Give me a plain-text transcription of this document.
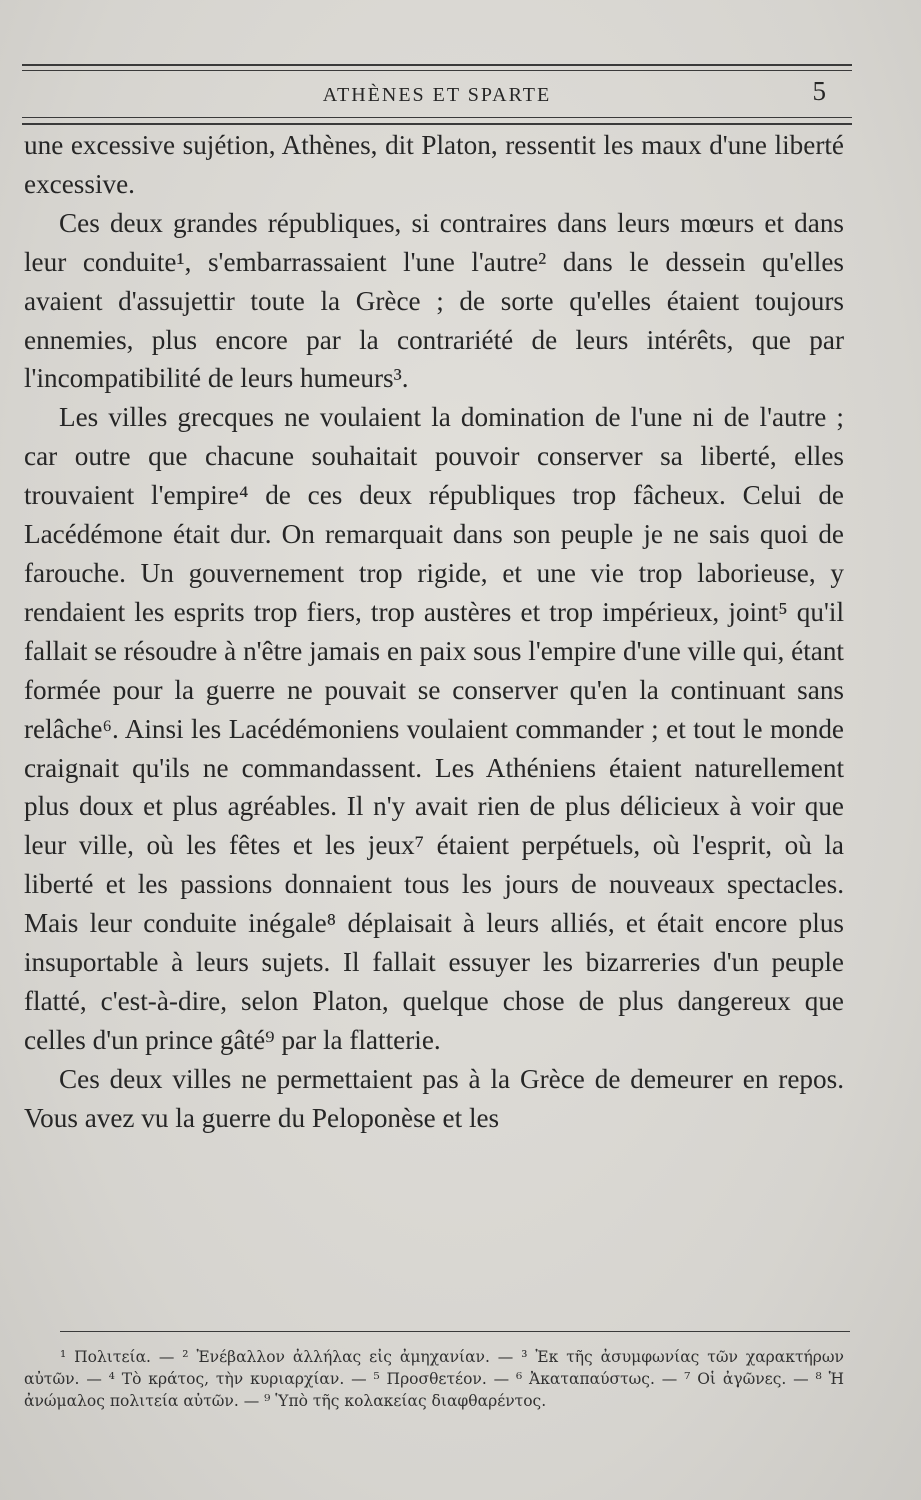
ATHÈNES ET SPARTE	5

une excessive sujétion, Athènes, dit Platon, ressentit les maux d'une liberté excessive.

Ces deux grandes républiques, si contraires dans leurs mœurs et dans leur conduite¹, s'embarrassaient l'une l'autre² dans le dessein qu'elles avaient d'assujettir toute la Grèce ; de sorte qu'elles étaient toujours ennemies, plus encore par la contrariété de leurs intérêts, que par l'incompatibilité de leurs humeurs³.

Les villes grecques ne voulaient la domination de l'une ni de l'autre ; car outre que chacune souhaitait pouvoir conserver sa liberté, elles trouvaient l'empire⁴ de ces deux républiques trop fâcheux. Celui de Lacédémone était dur. On remarquait dans son peuple je ne sais quoi de farouche. Un gouvernement trop rigide, et une vie trop laborieuse, y rendaient les esprits trop fiers, trop austères et trop impérieux, joint⁵ qu'il fallait se résoudre à n'être jamais en paix sous l'empire d'une ville qui, étant formée pour la guerre ne pouvait se conserver qu'en la continuant sans relâche⁶. Ainsi les Lacédémoniens voulaient commander ; et tout le monde craignait qu'ils ne commandassent. Les Athéniens étaient naturellement plus doux et plus agréables. Il n'y avait rien de plus délicieux à voir que leur ville, où les fêtes et les jeux⁷ étaient perpétuels, où l'esprit, où la liberté et les passions donnaient tous les jours de nouveaux spectacles. Mais leur conduite inégale⁸ déplaisait à leurs alliés, et était encore plus insuportable à leurs sujets. Il fallait essuyer les bizarreries d'un peuple flatté, c'est-à-dire, selon Platon, quelque chose de plus dangereux que celles d'un prince gâté⁹ par la flatterie.

Ces deux villes ne permettaient pas à la Grèce de demeurer en repos. Vous avez vu la guerre du Peloponèse et les

¹ Πολιτεία. — ² Ἐνέβαλλον ἀλλήλας εἰς ἀμηχανίαν. — ³ Ἐκ τῆς ἀσυμφωνίας τῶν χαρακτήρων αὐτῶν. — ⁴ Τὸ κράτος, τὴν κυριαρχίαν. — ⁵ Προσθετέον. — ⁶ Ἀκαταπαύστως. — ⁷ Οἱ ἀγῶνες. — ⁸ Ἡ ἀνώμαλος πολιτεία αὐτῶν. — ⁹ Ὑπὸ τῆς κολακείας διαφθαρέντος.
